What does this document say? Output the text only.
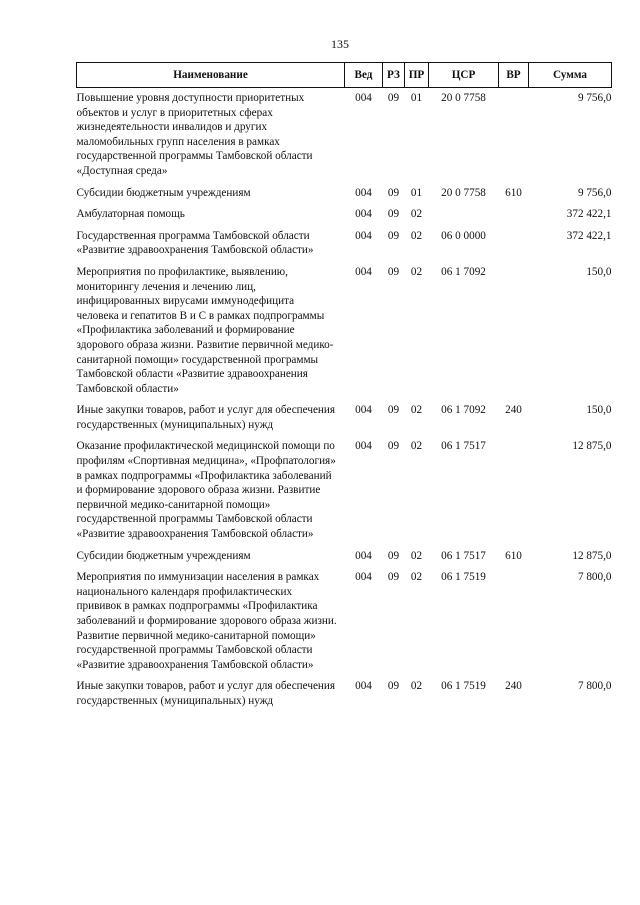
135
Наименование	Вед	РЗ	ПР	ЦСР	ВР	Сумма
Повышение уровня доступности приоритетных объектов и услуг в приоритетных сферах жизнедеятельности инвалидов и других маломобильных групп населения в рамках государственной программы Тамбовской области «Доступная среда»	004	09	01	20 0 7758		9 756,0
Субсидии бюджетным учреждениям	004	09	01	20 0 7758	610	9 756,0
Амбулаторная помощь	004	09	02			372 422,1
Государственная программа Тамбовской области «Развитие здравоохранения Тамбовской области»	004	09	02	06 0 0000		372 422,1
Мероприятия по профилактике, выявлению, мониторингу лечения и лечению лиц, инфицированных вирусами иммунодефицита человека и гепатитов В и С в рамках подпрограммы «Профилактика заболеваний и формирование здорового образа жизни. Развитие первичной медико-санитарной помощи» государственной программы Тамбовской области «Развитие здравоохранения Тамбовской области»	004	09	02	06 1 7092		150,0
Иные закупки товаров, работ и услуг для обеспечения государственных (муниципальных) нужд	004	09	02	06 1 7092	240	150,0
Оказание профилактической медицинской помощи по профилям «Спортивная медицина», «Профпатология» в рамках подпрограммы «Профилактика заболеваний и формирование здорового образа жизни. Развитие первичной медико-санитарной помощи» государственной программы Тамбовской области «Развитие здравоохранения Тамбовской области»	004	09	02	06 1 7517		12 875,0
Субсидии бюджетным учреждениям	004	09	02	06 1 7517	610	12 875,0
Мероприятия по иммунизации населения в рамках национального календаря профилактических прививок в рамках подпрограммы «Профилактика заболеваний и формирование здорового образа жизни. Развитие первичной медико-санитарной помощи» государственной программы Тамбовской области «Развитие здравоохранения Тамбовской области»	004	09	02	06 1 7519		7 800,0
Иные закупки товаров, работ и услуг для обеспечения государственных (муниципальных) нужд	004	09	02	06 1 7519	240	7 800,0
